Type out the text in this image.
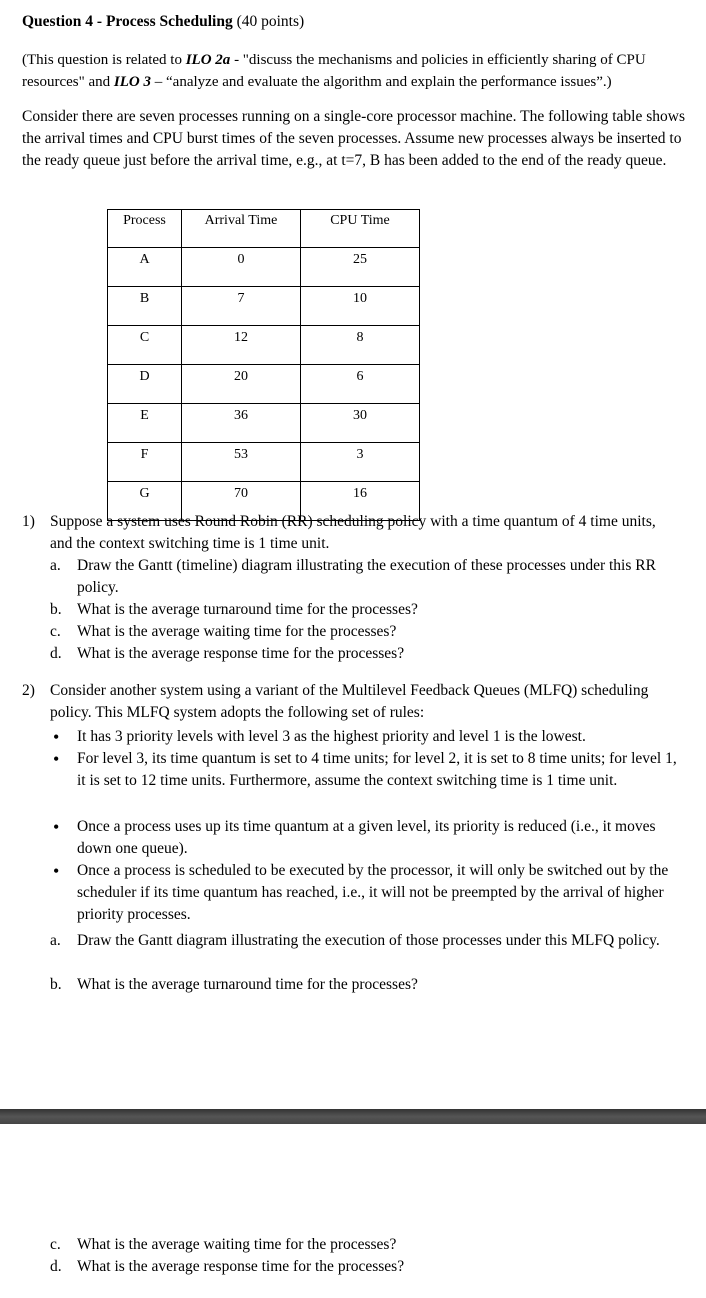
Question 4 - Process Scheduling (40 points)
(This question is related to ILO 2a - "discuss the mechanisms and policies in efficiently sharing of CPU resources" and ILO 3 – “analyze and evaluate the algorithm and explain the performance issues”.)
Consider there are seven processes running on a single-core processor machine. The following table shows the arrival times and CPU burst times of the seven processes. Assume new processes always be inserted to the ready queue just before the arrival time, e.g., at t=7, B has been added to the end of the ready queue.
Process	Arrival Time	CPU Time
A	0	25
B	7	10
C	12	8
D	20	6
E	36	30
F	53	3
G	70	16
1) Suppose a system uses Round Robin (RR) scheduling policy with a time quantum of 4 time units, and the context switching time is 1 time unit.
a. Draw the Gantt (timeline) diagram illustrating the execution of these processes under this RR policy.
b. What is the average turnaround time for the processes?
c. What is the average waiting time for the processes?
d. What is the average response time for the processes?
2) Consider another system using a variant of the Multilevel Feedback Queues (MLFQ) scheduling policy. This MLFQ system adopts the following set of rules:
• It has 3 priority levels with level 3 as the highest priority and level 1 is the lowest.
• For level 3, its time quantum is set to 4 time units; for level 2, it is set to 8 time units; for level 1, it is set to 12 time units. Furthermore, assume the context switching time is 1 time unit.
• Once a process uses up its time quantum at a given level, its priority is reduced (i.e., it moves down one queue).
• Once a process is scheduled to be executed by the processor, it will only be switched out by the scheduler if its time quantum has reached, i.e., it will not be preempted by the arrival of higher priority processes.
a. Draw the Gantt diagram illustrating the execution of those processes under this MLFQ policy.
b. What is the average turnaround time for the processes?
c. What is the average waiting time for the processes?
d. What is the average response time for the processes?
